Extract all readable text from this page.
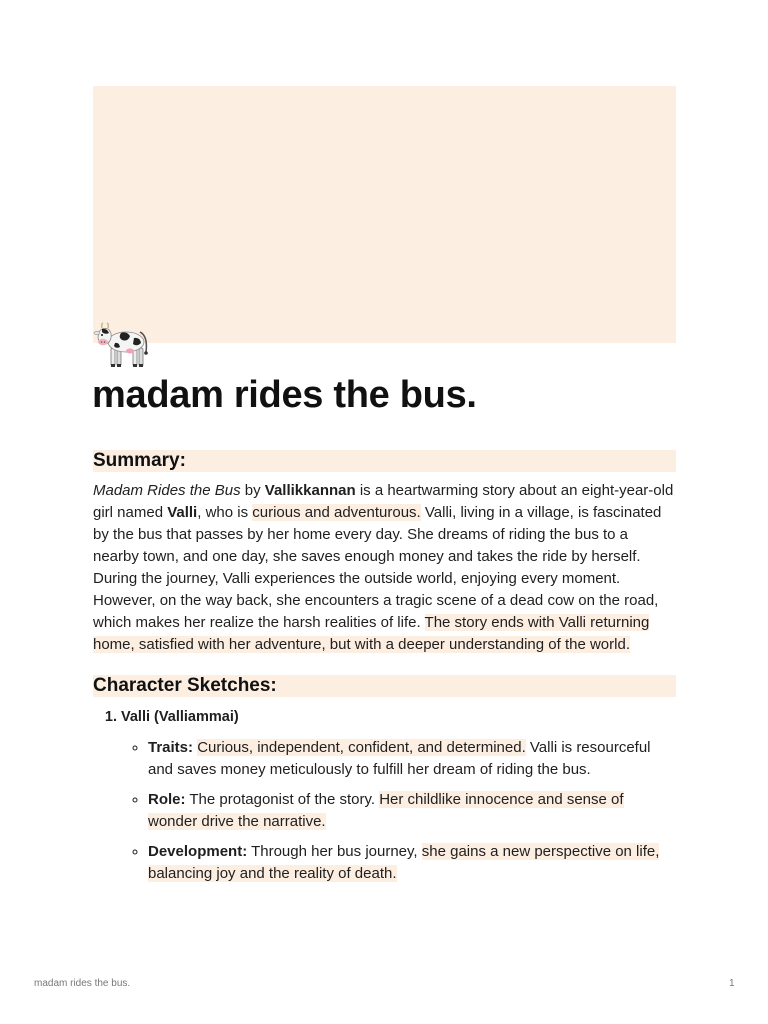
madam rides the bus.
Summary:

Madam Rides the Bus by Vallikkannan is a heartwarming story about an eight-year-old girl named Valli, who is curious and adventurous. Valli, living in a village, is fascinated by the bus that passes by her home every day. She dreams of riding the bus to a nearby town, and one day, she saves enough money and takes the ride by herself. During the journey, Valli experiences the outside world, enjoying every moment. However, on the way back, she encounters a tragic scene of a dead cow on the road, which makes her realize the harsh realities of life. The story ends with Valli returning home, satisfied with her adventure, but with a deeper understanding of the world.

Character Sketches:
1. Valli (Valliammai)
◦ Traits: Curious, independent, confident, and determined. Valli is resourceful and saves money meticulously to fulfill her dream of riding the bus.
◦ Role: The protagonist of the story. Her childlike innocence and sense of wonder drive the narrative.
◦ Development: Through her bus journey, she gains a new perspective on life, balancing joy and the reality of death.
madam rides the bus.	1
